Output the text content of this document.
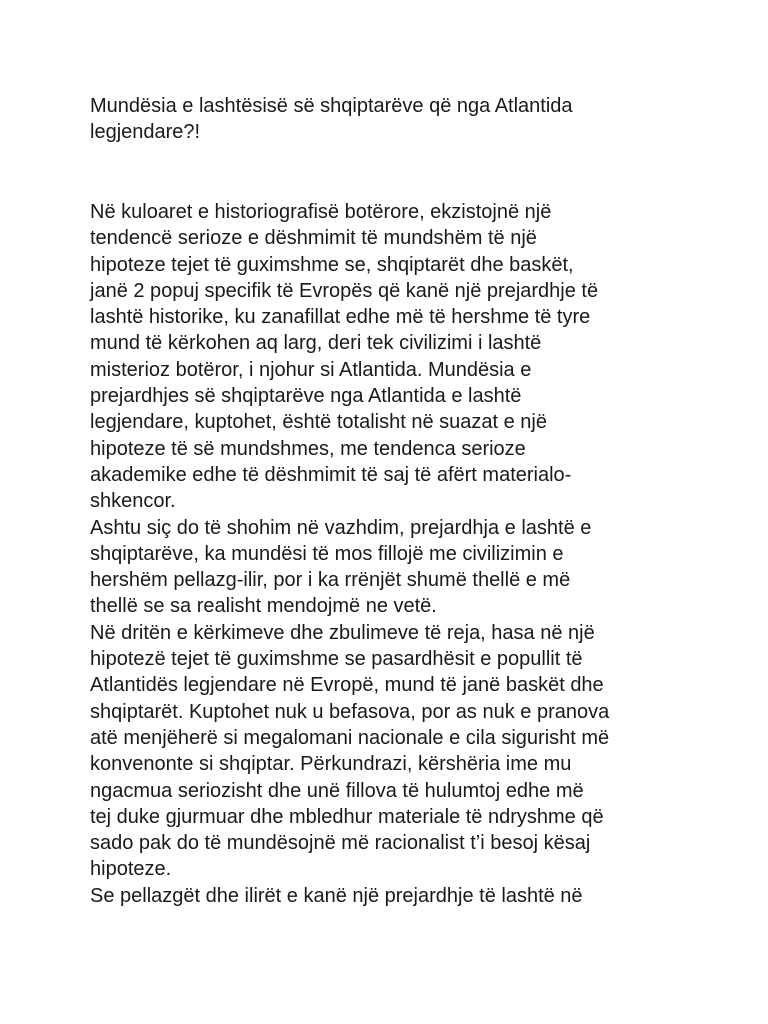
Mundësia e lashtësisë së shqiptarëve që nga Atlantida
legjendare?!
Në kuloaret e historiografisë botërore, ekzistojnë një
tendencë serioze e dëshmimit të mundshëm të një
hipoteze tejet të guximshme se, shqiptarët dhe baskët,
janë 2 popuj specifik të Evropës që kanë një prejardhje të
lashtë historike, ku zanafillat edhe më të hershme të tyre
mund të kërkohen aq larg, deri tek civilizimi i lashtë
misterioz botëror, i njohur si Atlantida. Mundësia e
prejardhjes së shqiptarëve nga Atlantida e lashtë
legjendare, kuptohet, është totalisht në suazat e një
hipoteze të së mundshmes, me tendenca serioze
akademike edhe të dëshmimit të saj të afërt materialo-
shkencor.
Ashtu siç do të shohim në vazhdim, prejardhja e lashtë e
shqiptarëve, ka mundësi të mos fillojë me civilizimin e
hershëm pellazg-ilir, por i ka rrënjët shumë thellë e më
thellë se sa realisht mendojmë ne vetë.
Në dritën e kërkimeve dhe zbulimeve të reja, hasa në një
hipotezë tejet të guximshme se pasardhësit e popullit të
Atlantidës legjendare në Evropë, mund të janë baskët dhe
shqiptarët. Kuptohet nuk u befasova, por as nuk e pranova
atë menjëherë si megalomani nacionale e cila sigurisht më
konvenonte si shqiptar. Përkundrazi, kërshëria ime mu
ngacmua seriozisht dhe unë fillova të hulumtoj edhe më
tej duke gjurmuar dhe mbledhur materiale të ndryshme që
sado pak do të mundësojnë më racionalist t’i besoj kësaj
hipoteze.
Se pellazgët dhe ilirët e kanë një prejardhje të lashtë në
